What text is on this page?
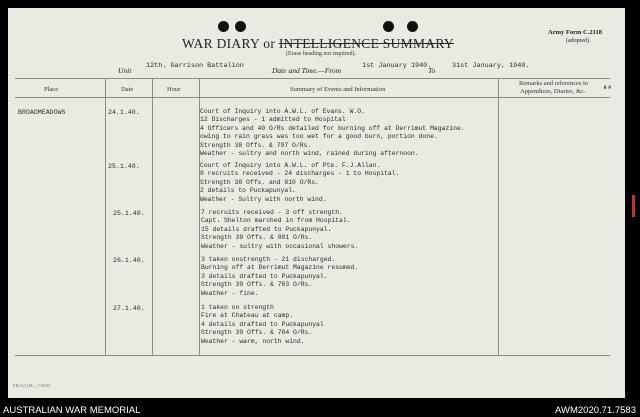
WAR DIARY or INTELLIGENCE SUMMARY
(Erase heading not required).
Army Form C.2118
(adopted).
Unit 12th. Garrison Battalion	Date and Time.—From	1st January 1940.
To 31st January, 1940.
Place	Date	Hour	Summary of Events and Information
Remarks and references to
Appendices, Diaries, &c. ⁸ ⁹
BROADMEADOWS	24.1.40.	Court of Inquiry into A.W.L. of Evans. W.O.
12 Discharges - 1 admitted to Hospital
4 Officers and 40 O/Rs detailed for burning off at Derrimut Magazine.
owing to rain grass was too wet for a good burn, portion done.
Strength 38 Offs. & 797 O/Rs.
Weather - sultry and north wind, rained during afternoon.
25.1.40.	Court of Inquiry into A.W.L. of Pte. F.J.Allan.
8 recruits received - 24 discharges - 1 to Hospital.
Strength 38 Offs. and 810 O/Rs.
2 details to Puckapunyal.
Weather - Sultry with north wind.
25.1.40.	7 recruits received - 3 off strength.
Capt. Shelton marched in from Hospital.
15 details drafted to Puckapunyal.
Strength 39 Offs. & 801 O/Rs.
Weather - sultry with occasional showers.
26.1.40.	3 taken onstrength - 21 discharged.
Burning off at Derrimut Magazine resumed.
3 details drafted to Puckapunyal.
Strength 39 Offs. & 783 O/Rs.
Weather - fine.
27.1.40.	1 taken on strength
Fire at Chateau at camp.
4 details drafted to Puckapunyal
Strength 39 Offs. & 784 O/Rs.
Weather - warm, north wind.
P.R.O.(1).M.—7.39/03.
AUSTRALIAN WAR MEMORIAL	AWM2020.71.7583
